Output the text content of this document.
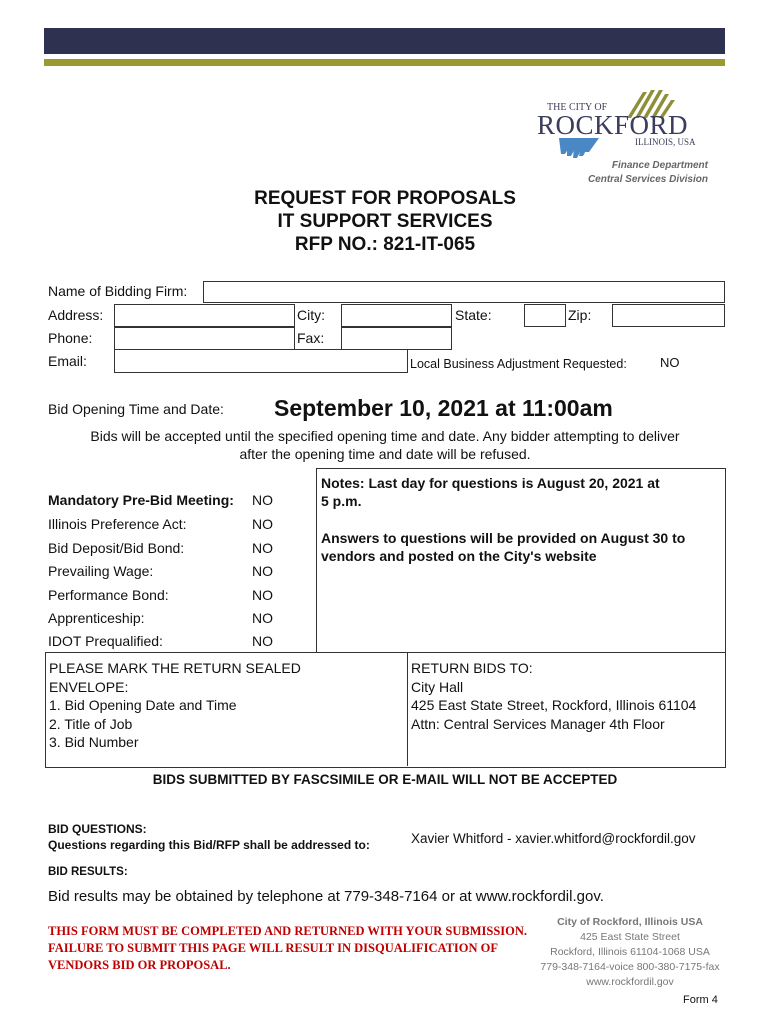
THE CITY OF
ROCKFORD
ILLINOIS, USA
Finance Department
Central Services Division
REQUEST FOR PROPOSALS
IT SUPPORT SERVICES
RFP NO.: 821-IT-065
Name of Bidding Firm:
Address:	City:	State:	Zip:
Phone:	Fax:
Email:	Local Business Adjustment Requested:	NO
Bid Opening Time and Date: September 10, 2021 at 11:00am
Bids will be accepted until the specified opening time and date. Any bidder attempting to deliver
after the opening time and date will be refused.
Mandatory Pre-Bid Meeting: NO
Illinois Preference Act:	NO
Bid Deposit/Bid Bond:	NO
Prevailing Wage:	NO
Performance Bond:	NO
Apprenticeship:	NO
IDOT Prequalified:	NO
Notes: Last day for questions is August 20, 2021 at
5 p.m.
Answers to questions will be provided on August 30 to
vendors and posted on the City's website
PLEASE MARK THE RETURN SEALED
ENVELOPE:
1. Bid Opening Date and Time
2. Title of Job
3. Bid Number
RETURN BIDS TO:
City Hall
425 East State Street, Rockford, Illinois 61104
Attn: Central Services Manager 4th Floor
BIDS SUBMITTED BY FASCSIMILE OR E-MAIL WILL NOT BE ACCEPTED
BID QUESTIONS:
Questions regarding this Bid/RFP shall be addressed to:	Xavier Whitford - xavier.whitford@rockfordil.gov
BID RESULTS:
Bid results may be obtained by telephone at 779-348-7164 or at www.rockfordil.gov.
THIS FORM MUST BE COMPLETED AND RETURNED WITH YOUR SUBMISSION.
FAILURE TO SUBMIT THIS PAGE WILL RESULT IN DISQUALIFICATION OF
VENDORS BID OR PROPOSAL.
City of Rockford, Illinois USA
425 East State Street
Rockford, Illinois 61104-1068 USA
779-348-7164-voice 800-380-7175-fax
www.rockfordil.gov
Form 4
